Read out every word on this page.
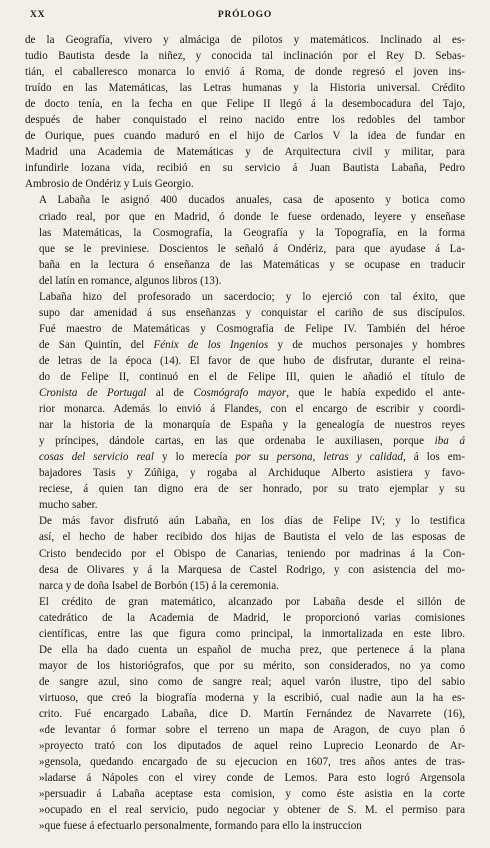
XX	PRÓLOGO

de la Geografía, vivero y almáciga de pilotos y matemáticos. Inclinado al es-
tudio Bautista desde la niñez, y conocida tal inclinación por el Rey D. Sebas-
tián, el caballeresco monarca lo envió á Roma, de donde regresó el joven ins-
truído en las Matemáticas, las Letras humanas y la Historia universal. Crédito
de docto tenía, en la fecha en que Felipe II llegó á la desembocadura del Tajo,
después de haber conquistado el reino nacido entre los redobles del tambor
de Ourique, pues cuando maduró en el hijo de Carlos V la idea de fundar en
Madrid una Academia de Matemáticas y de Arquitectura civil y militar, para
infundirle lozana vida, recibió en su servicio á Juan Bautista Labaña, Pedro
Ambrosio de Ondériz y Luis Georgio.

A Labaña le asignó 400 ducados anuales, casa de aposento y botica como
criado real, por que en Madrid, ó donde le fuese ordenado, leyere y enseñase
las Matemáticas, la Cosmografía, la Geografía y la Topografía, en la forma
que se le previniese. Doscientos le señaló á Ondériz, para que ayudase á La-
baña en la lectura ó enseñanza de las Matemáticas y se ocupase en traducir
del latín en romance, algunos libros (13).

Labaña hizo del profesorado un sacerdocio; y lo ejerció con tal éxito, que
supo dar amenidad á sus enseñanzas y conquistar el cariño de sus discípulos.
Fué maestro de Matemáticas y Cosmografía de Felipe IV. También del héroe
de San Quintín, del Fénix de los Ingenios y de muchos personajes y hombres
de letras de la época (14). El favor de que hubo de disfrutar, durante el reina-
do de Felipe II, continuó en el de Felipe III, quien le añadió el título de
Cronista de Portugal al de Cosmógrafo mayor, que le había expedido el ante-
rior monarca. Además lo envió á Flandes, con el encargo de escribir y coordi-
nar la historia de la monarquía de España y la genealogía de nuestros reyes
y príncipes, dándole cartas, en las que ordenaba le auxiliasen, porque iba á
cosas del servicio real y lo merecía por su persona, letras y calidad, á los em-
bajadores Tasis y Zúñiga, y rogaba al Archiduque Alberto asistiera y favo-
reciese, á quien tan digno era de ser honrado, por su trato ejemplar y su
mucho saber.

De más favor disfrutó aún Labaña, en los días de Felipe IV; y lo testifica
así, el hecho de haber recibido dos hijas de Bautista el velo de las esposas de
Cristo bendecido por el Obispo de Canarias, teniendo por madrinas á la Con-
desa de Olivares y á la Marquesa de Castel Rodrigo, y con asistencia del mo-
narca y de doña Isabel de Borbón (15) á la ceremonia.

El crédito de gran matemático, alcanzado por Labaña desde el sillón de
catedrático de la Academia de Madrid, le proporcionó varias comisiones
científicas, entre las que figura como principal, la inmortalizada en este libro.
De ella ha dado cuenta un español de mucha prez, que pertenece á la plana
mayor de los historiógrafos, que por su mérito, son considerados, no ya como
de sangre azul, sino como de sangre real; aquel varón ilustre, tipo del sabio
virtuoso, que creó la biografía moderna y la escribió, cual nadie aun la ha es-
crito. Fué encargado Labaña, dice D. Martín Fernández de Navarrete (16),
«de levantar ó formar sobre el terreno un mapa de Aragon, de cuyo plan ó
»proyecto trató con los diputados de aquel reino Luprecio Leonardo de Ar-
»gensola, quedando encargado de su ejecucion en 1607, tres años antes de tras-
»ladarse á Nápoles con el virey conde de Lemos. Para esto logró Argensola
»persuadir á Labaña aceptase esta comision, y como éste asistia en la corte
»ocupado en el real servicio, pudo negociar y obtener de S. M. el permiso para
»que fuese á efectuarlo personalmente, formando para ello la instruccion
